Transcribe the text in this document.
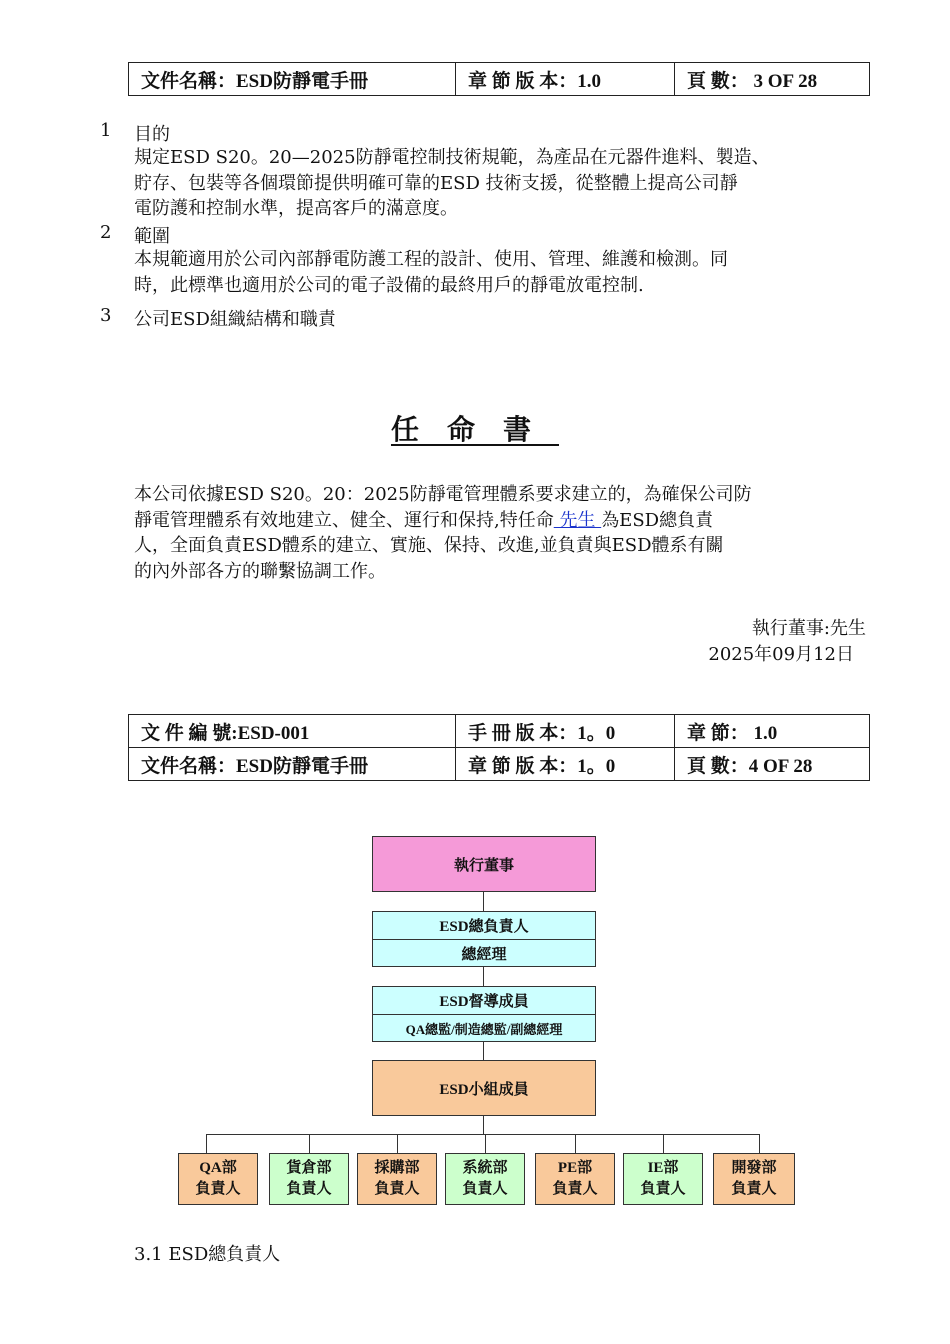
文件名稱：ESD防靜電手冊	章 節 版 本：1.0	頁 數： 3 OF 28
1 目的
規定ESD S20。20—2025防靜電控制技術規範，為產品在元器件進料、製造、
貯存、包裝等各個環節提供明確可靠的ESD 技術支援，從整體上提高公司靜
電防護和控制水準，提高客戶的滿意度。
2 範圍
本規範適用於公司內部靜電防護工程的設計、使用、管理、維護和檢測。同
時，此標準也適用於公司的電子設備的最終用戶的靜電放電控制.
3 公司ESD組織結構和職責
任命書
本公司依據ESD S20。20：2025防靜電管理體系要求建立的，為確保公司防
靜電管理體系有效地建立、健全、運行和保持,特任命 先生 為ESD總負責
人，全面負責ESD體系的建立、實施、保持、改進,並負責與ESD體系有關
的內外部各方的聯繫協調工作。
執行董事:先生
2025年09月12日
文 件 編 號:ESD-001	手 冊 版 本：1。0	章 節： 1.0
文件名稱：ESD防靜電手冊	章 節 版 本：1。0	頁 數：4 OF 28
執行董事
ESD總負責人
總經理
ESD督導成員
QA總監/制造總監/副總經理
ESD小組成員
QA部
負責人
貨倉部
負責人
採購部
負責人
系統部
負責人
PE部
負責人
IE部
負責人
開發部
負責人
3.1 ESD總負責人
